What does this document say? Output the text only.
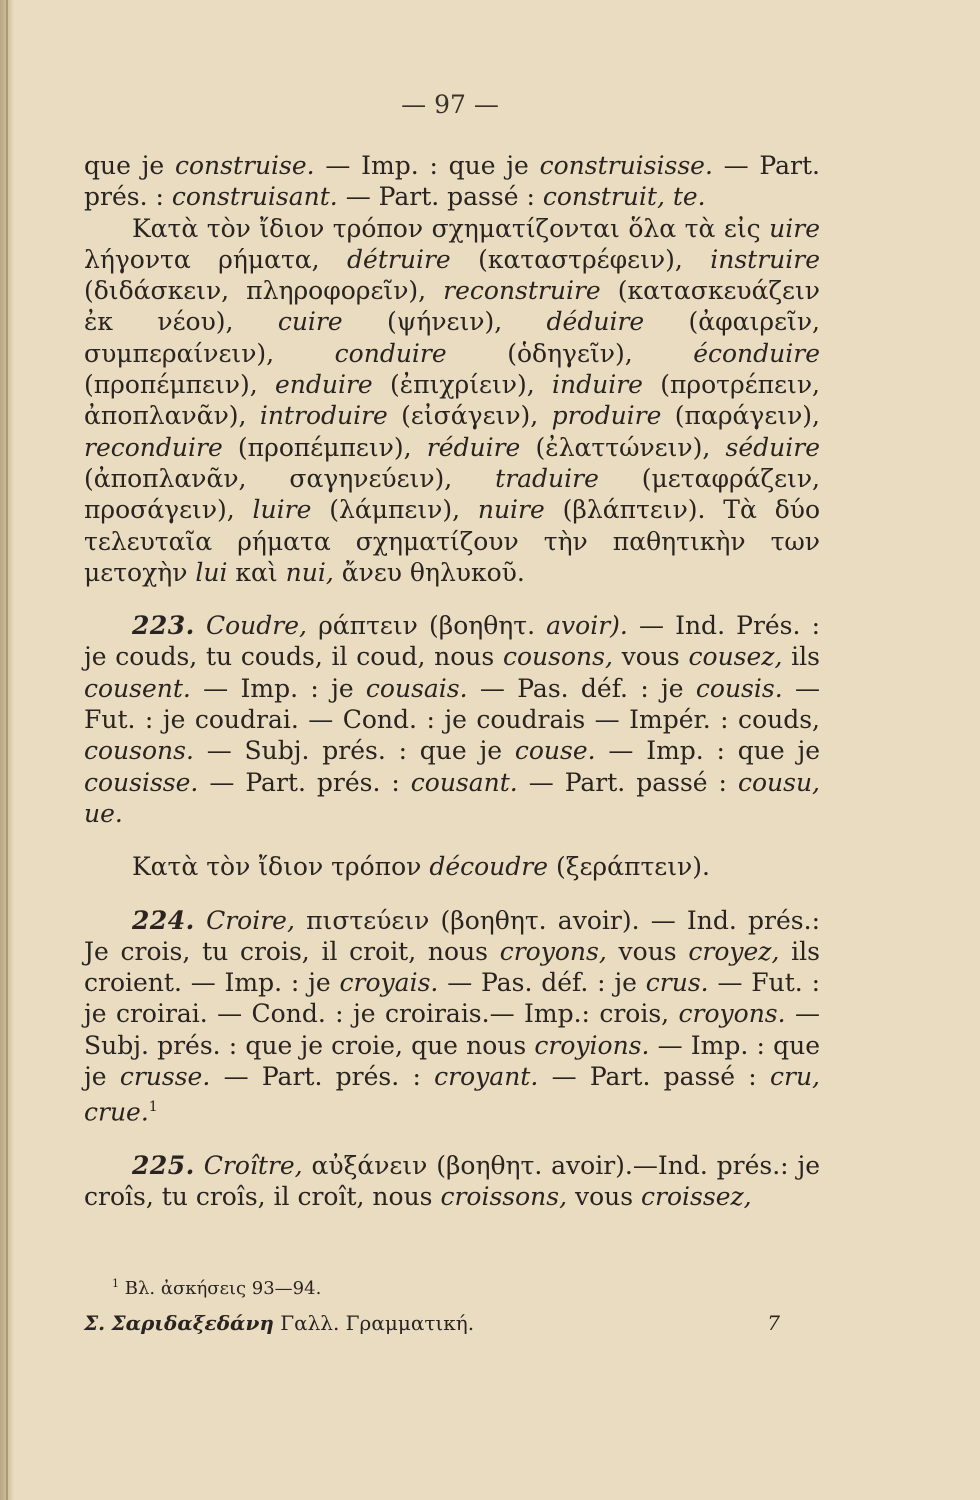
— 97 —

que je construise. — Imp. : que je construisisse. — Part. prés. : construisant. — Part. passé : construit, te.

Κατὰ τὸν ἴδιον τρόπον σχηματίζονται ὅλα τὰ εἰς uire λήγοντα ρήματα, détruire (καταστρέφειν), instruire (διδάσκειν, πληροφορεῖν), reconstruire (κατασκευάζειν ἐκ νέου), cuire (ψήνειν), déduire (ἀφαιρεῖν, συμπεραίνειν), conduire (ὁδηγεῖν), éconduire (προπέμπειν), enduire (ἐπιχρίειν), induire (προτρέπειν, ἀποπλανᾶν), introduire (εἰσάγειν), produire (παράγειν), reconduire (προπέμπειν), réduire (ἐλαττώνειν), séduire (ἀποπλανᾶν, σαγηνεύειν), traduire (μεταφράζειν, προσάγειν), luire (λάμπειν), nuire (βλάπτειν). Τὰ δύο τελευταῖα ρήματα σχηματίζουν τὴν παθητικὴν των μετοχὴν lui καὶ nui, ἄνευ θηλυκοῦ.

223. Coudre, ράπτειν (βοηθητ. avoir). — Ind. Prés. : je couds, tu couds, il coud, nous cousons, vous cousez, ils cousent. — Imp. : je cousais. — Pas. déf. : je cousis. — Fut. : je coudrai. — Cond. : je coudrais — Impér. : couds, cousons. — Subj. prés. : que je couse. — Imp. : que je cousisse. — Part. prés. : cousant. — Part. passé : cousu, ue.

Κατὰ τὸν ἴδιον τρόπον découdre (ξεράπτειν).

224. Croire, πιστεύειν (βοηθητ. avoir). — Ind. prés.: Je crois, tu crois, il croit, nous croyons, vous croyez, ils croient. — Imp. : je croyais. — Pas. déf. : je crus. — Fut. : je croirai. — Cond. : je croirais.— Imp.: crois, croyons. — Subj. prés. : que je croie, que nous croyions. — Imp. : que je crusse. — Part. prés. : croyant. — Part. passé : cru, crue.$^1$

225. Croître, αὐξάνειν (βοηθητ. avoir).—Ind. prés.: je croîs, tu croîs, il croît, nous croissons, vous croissez,

$^1$ Βλ. ἀσκήσεις 93—94.

Σ. Σαριδαξεδάνη Γαλλ. Γραμματική.	7
